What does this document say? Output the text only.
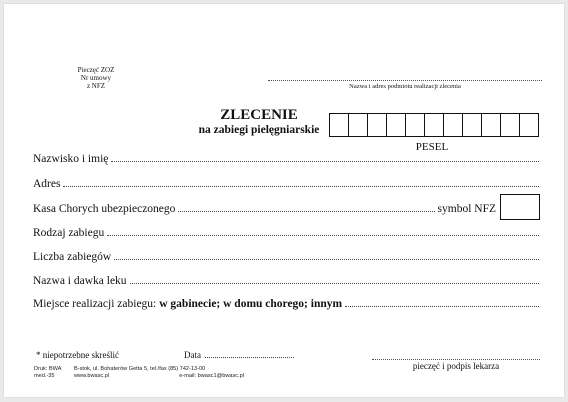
Pieczęć ZOZ
Nr umowy
z NFZ	Nazwa i adres podmiotu realizacji zlecenia
ZLECENIE
na zabiegi pielęgniarskie
PESEL
Nazwisko i imię
Adres
Kasa Chorych ubezpieczonego	symbol NFZ
Rodzaj zabiegu
Liczba zabiegów
Nazwa i dawka leku
Miejsce realizacji zabiegu: w gabinecie; w domu chorego; innym
* niepotrzebne skreślić	Data
pieczęć i podpis lekarza
Druk: BWA
med.-35
B-stok, ul. Bohaterów Getta 5, tel./fax (85) 742-13-00
www.bwasc.pl	e-mail: bwasc1@bwasc.pl
